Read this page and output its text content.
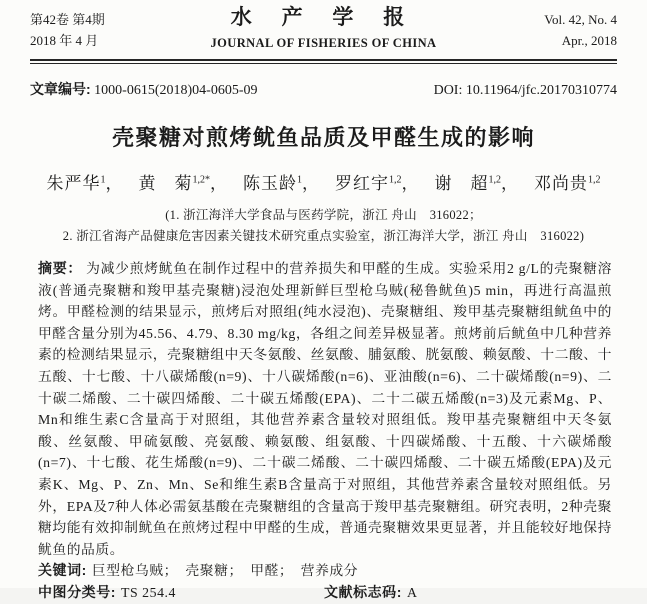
第42卷 第4期
2018 年 4 月
水 产 学 报
JOURNAL OF FISHERIES OF CHINA
Vol. 42, No. 4
Apr., 2018
文章编号: 1000-0615(2018)04-0605-09	DOI: 10.11964/jfc.20170310774
壳聚糖对煎烤鱿鱼品质及甲醛生成的影响
朱严华$^1$， 黄　菊$^{1,2*}$， 陈玉龄$^1$， 罗红宇$^{1,2}$， 谢　超$^{1,2}$， 邓尚贵$^{1,2}$
(1. 浙江海洋大学食品与医药学院，浙江 舟山　316022；
2. 浙江省海产品健康危害因素关键技术研究重点实验室，浙江海洋大学，浙江 舟山　316022)
摘要： 为减少煎烤鱿鱼在制作过程中的营养损失和甲醛的生成。实验采用2 g/L的壳聚糖溶液(普通壳聚糖和羧甲基壳聚糖)浸泡处理新鲜巨型枪乌贼(秘鲁鱿鱼)5 min，再进行高温煎烤。甲醛检测的结果显示，煎烤后对照组(纯水浸泡)、壳聚糖组、羧甲基壳聚糖组鱿鱼中的甲醛含量分别为45.56、4.79、8.30 mg/kg，各组之间差异极显著。煎烤前后鱿鱼中几种营养素的检测结果显示，壳聚糖组中天冬氨酸、丝氨酸、脯氨酸、胱氨酸、赖氨酸、十二酸、十五酸、十七酸、十八碳烯酸(n=9)、十八碳烯酸(n=6)、亚油酸(n=6)、二十碳烯酸(n=9)、二十碳二烯酸、二十碳四烯酸、二十碳五烯酸(EPA)、二十二碳五烯酸(n=3)及元素Mg、P、Mn和维生素C含量高于对照组，其他营养素含量较对照组低。羧甲基壳聚糖组中天冬氨酸、丝氨酸、甲硫氨酸、亮氨酸、赖氨酸、组氨酸、十四碳烯酸、十五酸、十六碳烯酸(n=7)、十七酸、花生烯酸(n=9)、二十碳二烯酸、二十碳四烯酸、二十碳五烯酸(EPA)及元素K、Mg、P、Zn、Mn、Se和维生素B含量高于对照组，其他营养素含量较对照组低。另外，EPA及7种人体必需氨基酸在壳聚糖组的含量高于羧甲基壳聚糖组。研究表明，2种壳聚糖均能有效抑制鱿鱼在煎烤过程中甲醛的生成，普通壳聚糖效果更显著，并且能较好地保持鱿鱼的品质。
关键词: 巨型枪乌贼；　壳聚糖；　甲醛；　营养成分
中图分类号: TS 254.4	文献标志码: A
